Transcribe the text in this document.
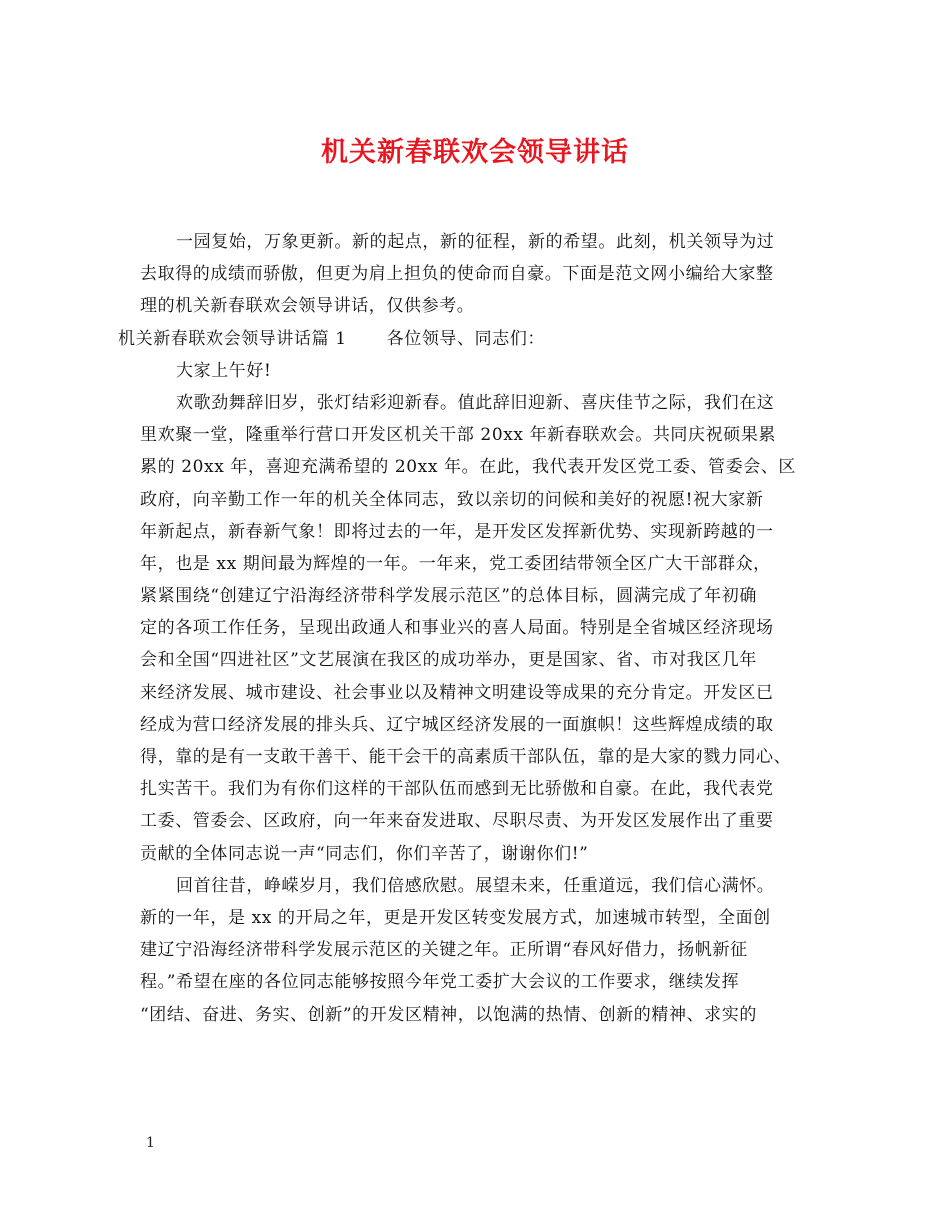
机关新春联欢会领导讲话
一园复始，万象更新。新的起点，新的征程，新的希望。此刻，机关领导为过
去取得的成绩而骄傲，但更为肩上担负的使命而自豪。下面是范文网小编给大家整
理的机关新春联欢会领导讲话，仅供参考。
机关新春联欢会领导讲话篇 1 各位领导、同志们：
大家上午好!
欢歌劲舞辞旧岁，张灯结彩迎新春。值此辞旧迎新、喜庆佳节之际，我们在这
里欢聚一堂，隆重举行营口开发区机关干部 20xx 年新春联欢会。共同庆祝硕果累
累的 20xx 年，喜迎充满希望的 20xx 年。在此，我代表开发区党工委、管委会、区
政府，向辛勤工作一年的机关全体同志，致以亲切的问候和美好的祝愿!祝大家新
年新起点，新春新气象！即将过去的一年，是开发区发挥新优势、实现新跨越的一
年，也是 xx 期间最为辉煌的一年。一年来，党工委团结带领全区广大干部群众，
紧紧围绕“创建辽宁沿海经济带科学发展示范区”的总体目标，圆满完成了年初确
定的各项工作任务，呈现出政通人和事业兴的喜人局面。特别是全省城区经济现场
会和全国“四进社区”文艺展演在我区的成功举办，更是国家、省、市对我区几年
来经济发展、城市建设、社会事业以及精神文明建设等成果的充分肯定。开发区已
经成为营口经济发展的排头兵、辽宁城区经济发展的一面旗帜！这些辉煌成绩的取
得，靠的是有一支敢干善干、能干会干的高素质干部队伍，靠的是大家的戮力同心、
扎实苦干。我们为有你们这样的干部队伍而感到无比骄傲和自豪。在此，我代表党
工委、管委会、区政府，向一年来奋发进取、尽职尽责、为开发区发展作出了重要
贡献的全体同志说一声“同志们，你们辛苦了，谢谢你们!”
回首往昔，峥嵘岁月，我们倍感欣慰。展望未来，任重道远，我们信心满怀。
新的一年，是 xx 的开局之年，更是开发区转变发展方式，加速城市转型，全面创
建辽宁沿海经济带科学发展示范区的关键之年。正所谓“春风好借力，扬帆新征
程。”希望在座的各位同志能够按照今年党工委扩大会议的工作要求，继续发挥
“团结、奋进、务实、创新”的开发区精神，以饱满的热情、创新的精神、求实的
1
